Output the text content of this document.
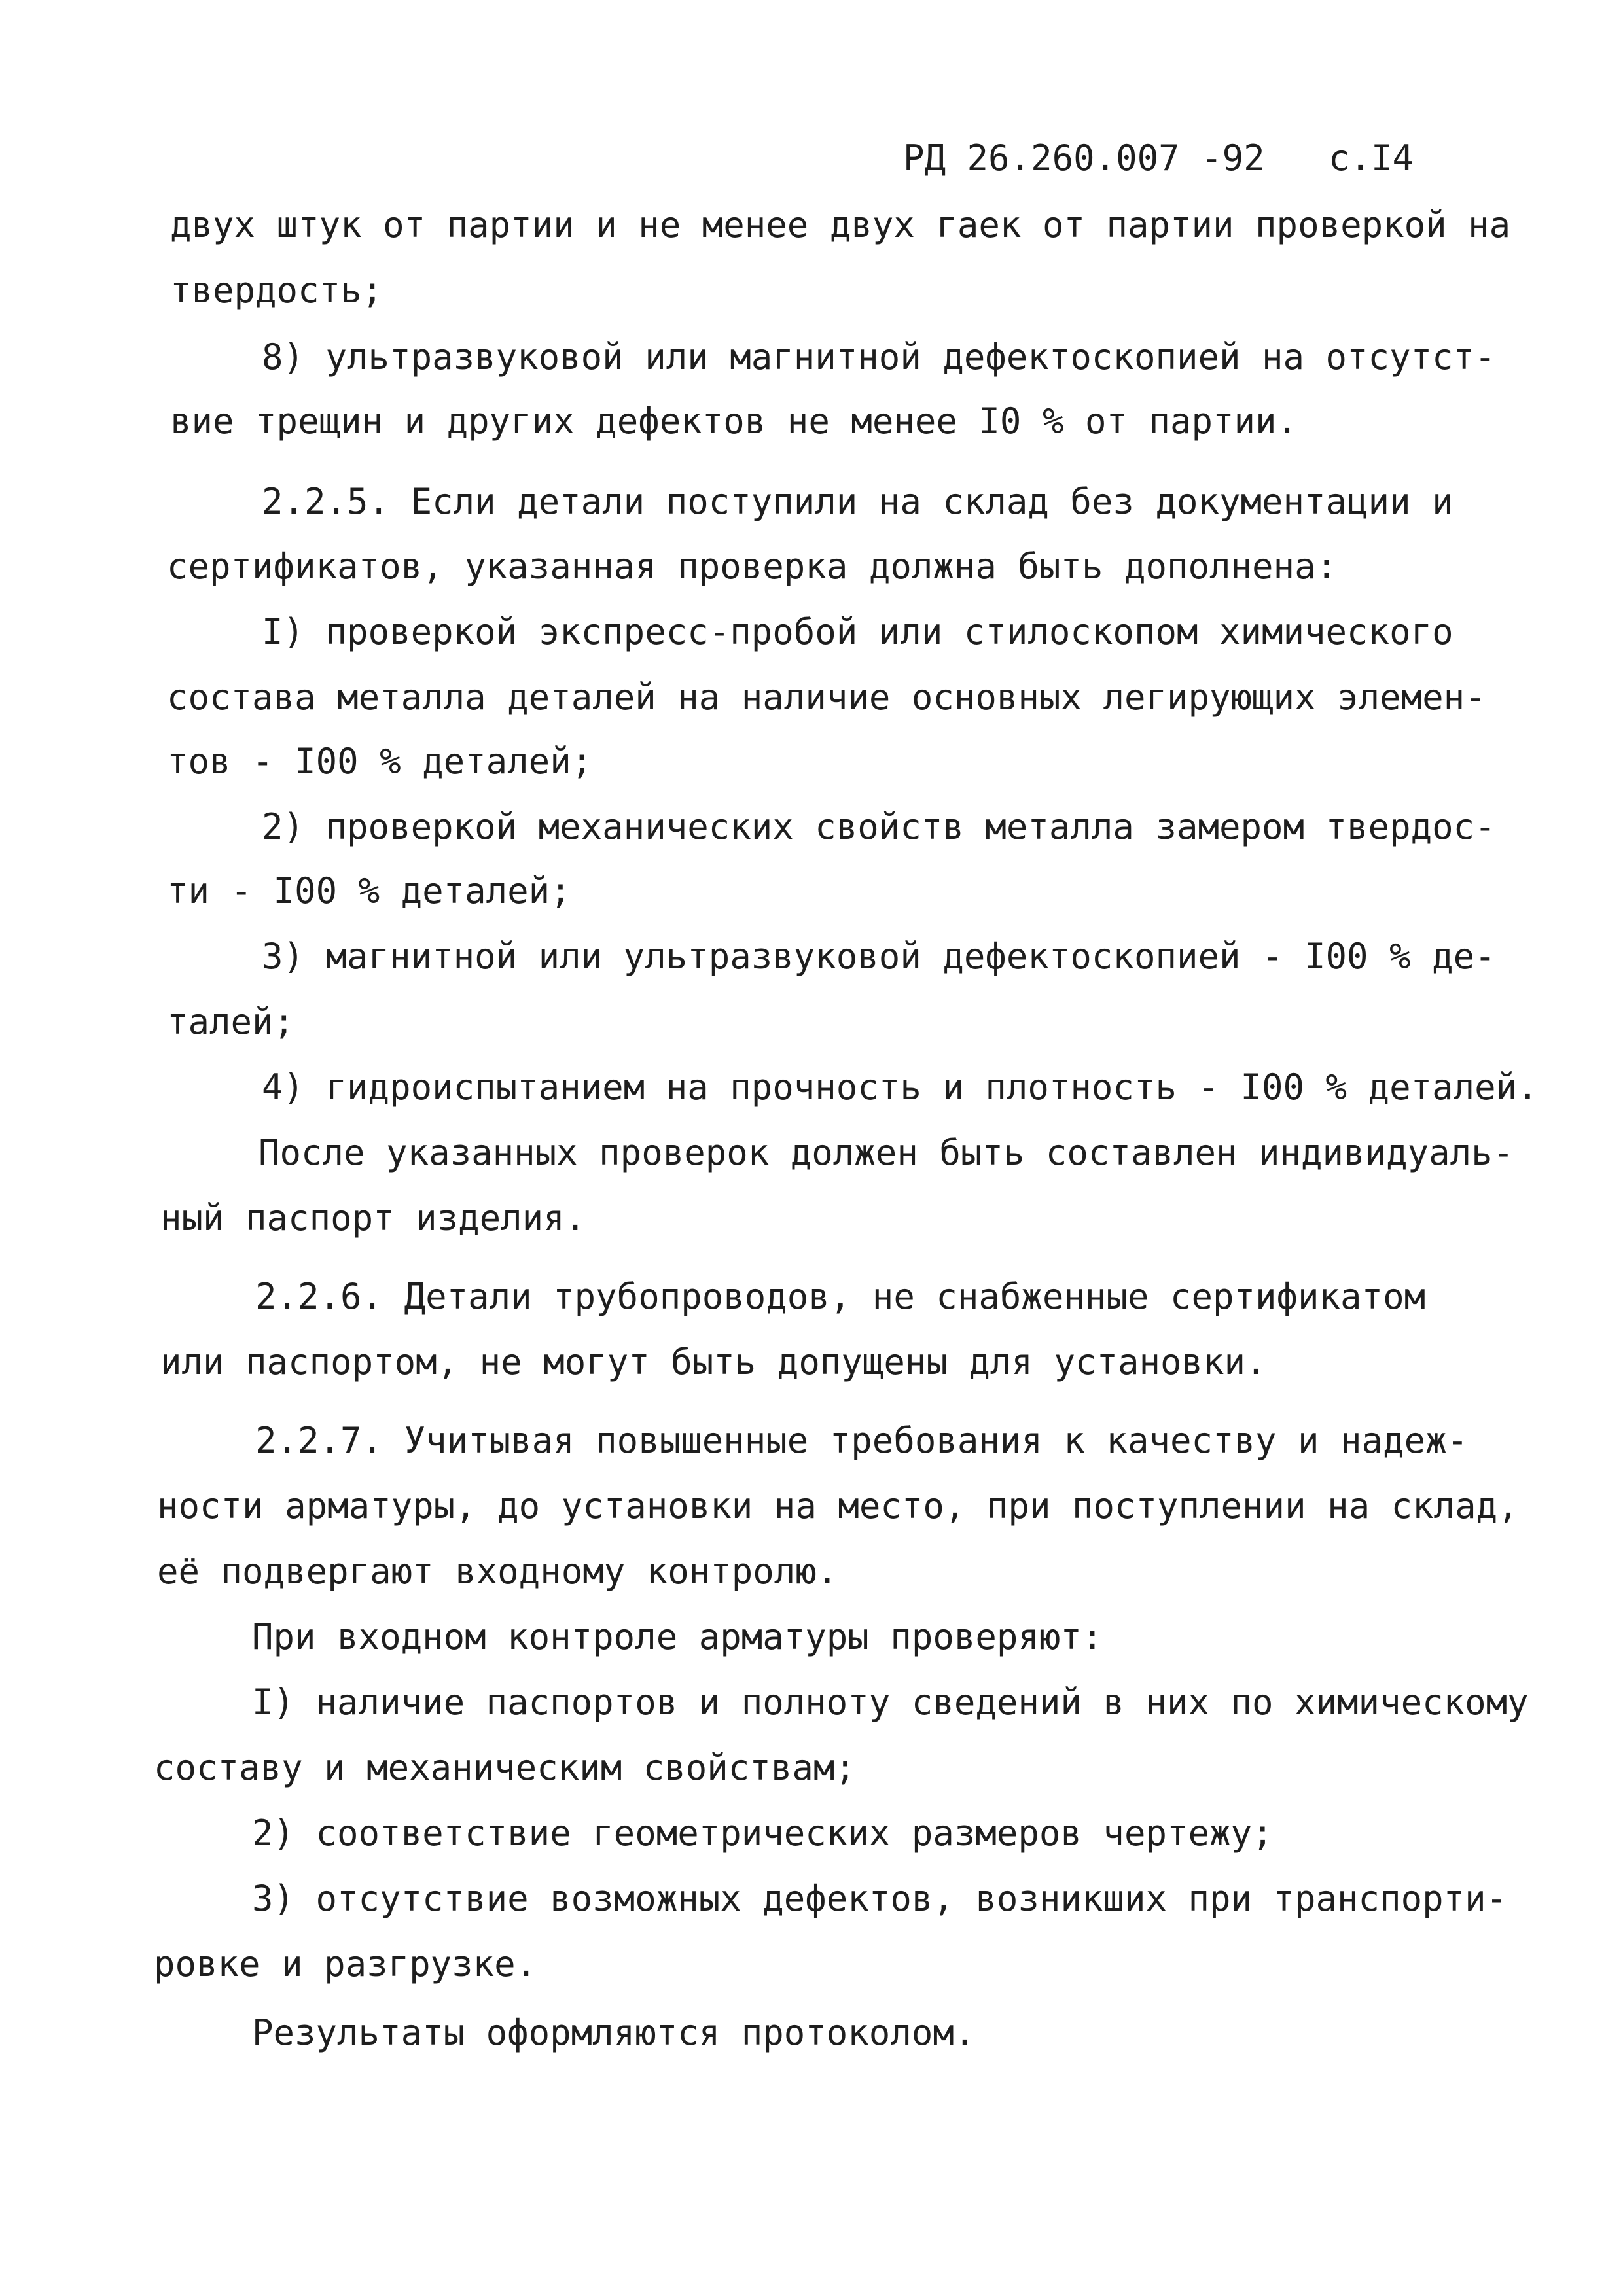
РД 26.260.007 -92 с.I4
двух штук от партии и не менее двух гаек от партии проверкой на
твердость;
8) ультразвуковой или магнитной дефектоскопией на отсутст-
вие трещин и других дефектов не менее I0 % от партии.
2.2.5. Если детали поступили на склад без документации и
сертификатов, указанная проверка должна быть дополнена:
I) проверкой экспресс-пробой или стилоскопом химического
состава металла деталей на наличие основных легирующих элемен-
тов - I00 % деталей;
2) проверкой механических свойств металла замером твердос-
ти - I00 % деталей;
3) магнитной или ультразвуковой дефектоскопией - I00 % де-
талей;
4) гидроиспытанием на прочность и плотность - I00 % деталей.
После указанных проверок должен быть составлен индивидуаль-
ный паспорт изделия.
2.2.6. Детали трубопроводов, не снабженные сертификатом
или паспортом, не могут быть допущены для установки.
2.2.7. Учитывая повышенные требования к качеству и надеж-
ности арматуры, до установки на место, при поступлении на склад,
её подвергают входному контролю.
При входном контроле арматуры проверяют:
I) наличие паспортов и полноту сведений в них по химическому
составу и механическим свойствам;
2) соответствие геометрических размеров чертежу;
3) отсутствие возможных дефектов, возникших при транспорти-
ровке и разгрузке.
Результаты оформляются протоколом.
